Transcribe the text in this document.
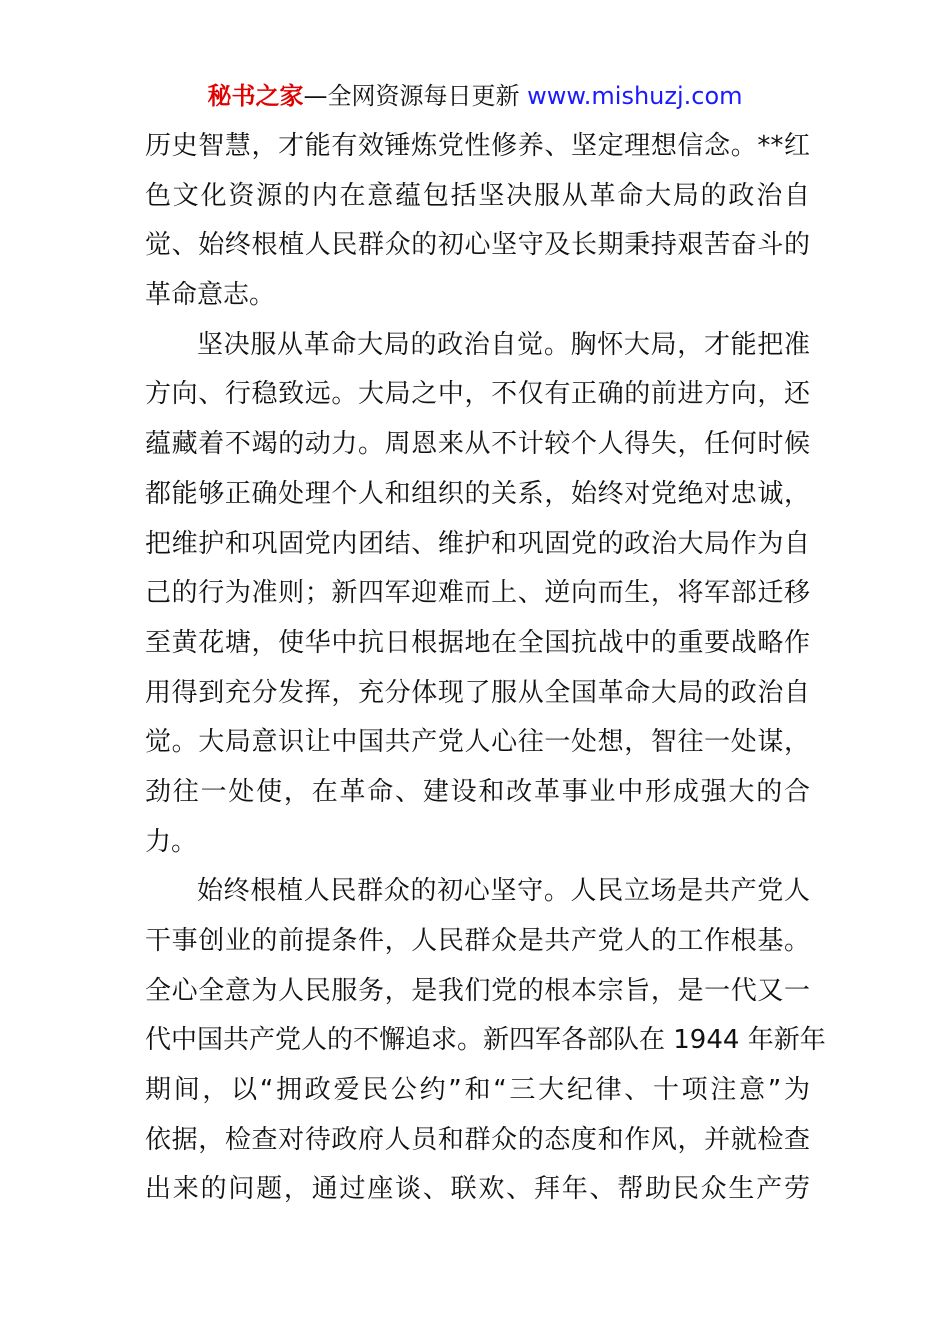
秘书之家—全网资源每日更新 www.mishuzj.com
历史智慧，才能有效锤炼党性修养、坚定理想信念。**红
色文化资源的内在意蕴包括坚决服从革命大局的政治自
觉、始终根植人民群众的初心坚守及长期秉持艰苦奋斗的
革命意志。
坚决服从革命大局的政治自觉。胸怀大局，才能把准
方向、行稳致远。大局之中，不仅有正确的前进方向，还
蕴藏着不竭的动力。周恩来从不计较个人得失，任何时候
都能够正确处理个人和组织的关系，始终对党绝对忠诚，
把维护和巩固党内团结、维护和巩固党的政治大局作为自
己的行为准则；新四军迎难而上、逆向而生，将军部迁移
至黄花塘，使华中抗日根据地在全国抗战中的重要战略作
用得到充分发挥，充分体现了服从全国革命大局的政治自
觉。大局意识让中国共产党人心往一处想，智往一处谋，
劲往一处使，在革命、建设和改革事业中形成强大的合
力。
始终根植人民群众的初心坚守。人民立场是共产党人
干事创业的前提条件，人民群众是共产党人的工作根基。
全心全意为人民服务，是我们党的根本宗旨，是一代又一
代中国共产党人的不懈追求。新四军各部队在 1944 年新年
期间，以“拥政爱民公约”和“三大纪律、十项注意”为
依据，检查对待政府人员和群众的态度和作风，并就检查
出来的问题，通过座谈、联欢、拜年、帮助民众生产劳
